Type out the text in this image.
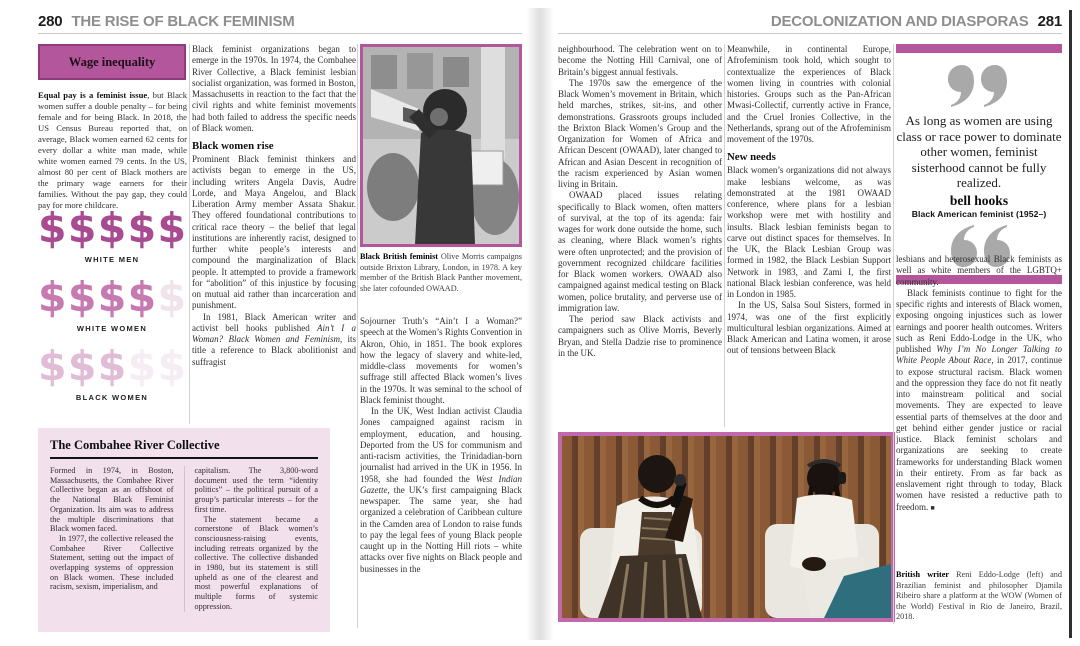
280 THE RISE OF BLACK FEMINISM	DECOLONIZATION AND DIASPORAS 281
Wage inequality
Equal pay is a feminist issue, but Black women suffer a double penalty – for being female and for being Black. In 2018, the US Census Bureau reported that, on average, Black women earned 62 cents for every dollar a white man made, while white women earned 79 cents. In the US, almost 80 per cent of Black mothers are the primary wage earners for their families. Without the pay gap, they could pay for more childcare.
$ $ $ $ $
WHITE MEN
$ $ $ $ $
WHITE WOMEN
$ $ $ $ $
BLACK WOMEN
The Combahee River Collective

Formed in 1974, in Boston, Massachusetts, the Combahee River Collective began as an offshoot of the National Black Feminist Organization. Its aim was to address the multiple discriminations that Black women faced.

In 1977, the collective released the Combahee River Collective Statement, setting out the impact of overlapping systems of oppression on Black women. These included racism, sexism, imperialism, and

capitalism. The 3,800-word document used the term “identity politics” – the political pursuit of a group’s particular interests – for the first time.

The statement became a cornerstone of Black women’s consciousness-raising events, including retreats organized by the collective. The collective disbanded in 1980, but its statement is still upheld as one of the clearest and most powerful explanations of multiple forms of systemic oppression.

Black feminist organizations began to emerge in the 1970s. In 1974, the Combahee River Collective, a Black feminist lesbian socialist organization, was formed in Boston, Massachusetts in reaction to the fact that the civil rights and white feminist movements had both failed to address the specific needs of Black women.

Black women rise

Prominent Black feminist thinkers and activists began to emerge in the US, including writers Angela Davis, Audre Lorde, and Maya Angelou, and Black Liberation Army member Assata Shakur. They offered foundational contributions to critical race theory – the belief that legal institutions are inherently racist, designed to further white people’s interests and compound the marginalization of Black people. It attempted to provide a framework for “abolition” of this injustice by focusing on mutual aid rather than incarceration and punishment.

In 1981, Black American writer and activist bell hooks published Ain’t I a Woman? Black Women and Feminism, its title a reference to Black abolitionist and suffragist

Black British feminist Olive Morris campaigns outside Brixton Library, London, in 1978. A key member of the British Black Panther movement, she later cofounded OWAAD.

Sojourner Truth’s “Ain’t I a Woman?” speech at the Women’s Rights Convention in Akron, Ohio, in 1851. The book explores how the legacy of slavery and white-led, middle-class movements for women’s suffrage still affected Black women’s lives in the 1970s. It was seminal to the school of Black feminist thought.

In the UK, West Indian activist Claudia Jones campaigned against racism in employment, education, and housing. Deported from the US for communism and anti-racism activities, the Trinidadian-born journalist had arrived in the UK in 1956. In 1958, she had founded the West Indian Gazette, the UK’s first campaigning Black newspaper. The same year, she had organized a celebration of Caribbean culture in the Camden area of London to raise funds to pay the legal fees of young Black people caught up in the Notting Hill riots – white attacks over five nights on Black people and businesses in the

neighbourhood. The celebration went on to become the Notting Hill Carnival, one of Britain’s biggest annual festivals.

The 1970s saw the emergence of the Black Women’s movement in Britain, which held marches, strikes, sit-ins, and other demonstrations. Grassroots groups included the Brixton Black Women’s Group and the Organization for Women of Africa and African Descent (OWAAD), later changed to African and Asian Descent in recognition of the racism experienced by Asian women living in Britain.

OWAAD placed issues relating specifically to Black women, often matters of survival, at the top of its agenda: fair wages for work done outside the home, such as cleaning, where Black women’s rights were often unprotected; and the provision of government recognized childcare facilities for Black women workers. OWAAD also campaigned against medical testing on Black women, police brutality, and perverse use of immigration law.

The period saw Black activists and campaigners such as Olive Morris, Beverly Bryan, and Stella Dadzie rise to prominence in the UK.

Meanwhile, in continental Europe, Afrofeminism took hold, which sought to contextualize the experiences of Black women living in countries with colonial histories. Groups such as the Pan-African Mwasi-Collectif, currently active in France, and the Cruel Ironies Collective, in the Netherlands, sprang out of the Afrofeminism movement of the 1970s.

New needs

Black women’s organizations did not always make lesbians welcome, as was demonstrated at the 1981 OWAAD conference, where plans for a lesbian workshop were met with hostility and insults. Black lesbian feminists began to carve out distinct spaces for themselves. In the UK, the Black Lesbian Group was formed in 1982, the Black Lesbian Support Network in 1983, and Zami I, the first national Black lesbian conference, was held in London in 1985.

In the US, Salsa Soul Sisters, formed in 1974, was one of the first explicitly multicultural lesbian organizations. Aimed at Black American and Latina women, it arose out of tensions between Black

As long as women are using class or race power to dominate other women, feminist sisterhood cannot be fully realized.
bell hooks
Black American feminist (1952–)

lesbians and heterosexual Black feminists as well as white members of the LGBTQ+ community.

Black feminists continue to fight for the specific rights and interests of Black women, exposing ongoing injustices such as lower earnings and poorer health outcomes. Writers such as Reni Eddo-Lodge in the UK, who published Why I’m No Longer Talking to White People About Race, in 2017, continue to expose structural racism. Black women and the oppression they face do not fit neatly into mainstream political and social movements. They are expected to leave essential parts of themselves at the door and get behind either gender justice or racial justice. Black feminist scholars and organizations are seeking to create frameworks for understanding Black women in their entirety. From as far back as enslavement right through to today, Black women have resisted a reductive path to freedom. ■

British writer Reni Eddo-Lodge (left) and Brazilian feminist and philosopher Djamila Ribeiro share a platform at the WOW (Women of the World) Festival in Rio de Janeiro, Brazil, 2018.
